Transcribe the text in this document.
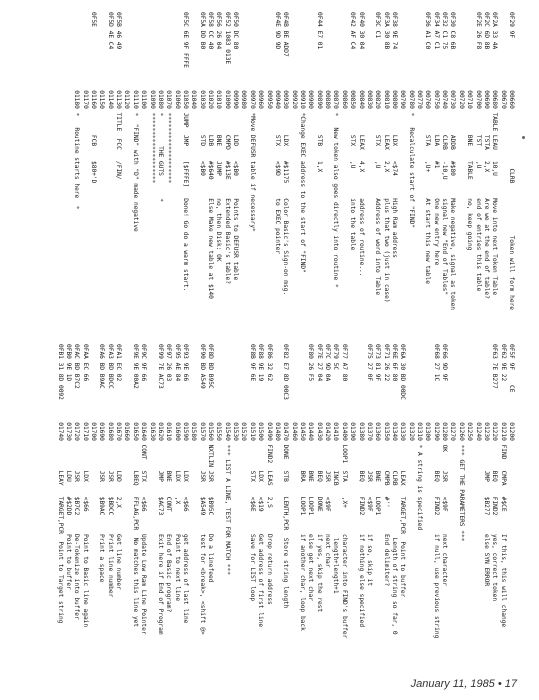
0F29 9F              00660                CLRB              Token will form here
00670
0F2A 33 4A           00680 TABLE LEAU   10,U      Move into next Token Table
0F2C 6D 8B           00690       TSTA   2,X       Are we at the end of table?
0F2E 26 F8           00700       TST    ,U        end of entries this table
00710       BNE    TABLE     no, keep going
00720
0F30 C8 6B           00730       ADDB   #$80      Make negative, signal as token
0F32 C1 75           00740       CLRB   -10,U     signal new "End of Tables"
0F34 A7 C1           00750       LDA    #1        One new entry here
0F36 A1 C0           00760       STA    ,U+       At start this new table
00770
00780 *   Recalculate start of "FIND"
00790
0F38 9E 74           00800       LDX    <$74      High Ram address
0F3A 30 8B           00810       LEAX   2,X       plus that two (just in case)
0F3C C1              00820       STX    ,U        Address of word into Table
00830
0F40 30 04           00840       LEAX   4,X       address of routine...
0F42 AF C4           00850       STX    ,U        into the table
00860
00870 *   New token also goes directly into routine *
00880
0F44 E7 01           00890       STB    1,X
00900
00910 *Change EXEC address to the start of "FIND"
00920
0F4B BE ADD7         00930       LDX    #$1175    Color Basic's Sign-on msg.
0F4E 9D 9D           00940       STX    <$9D      to EXEC pointer
00950
00960
00970 *Move DEFUSR table if necessary*
00980
0F50 DC 80           00990       LDD    <$B0      Points to DEFUSR table
0F52 1083 013E       01000       CMPD   #$13E     Extended Basic's table?
0F56 26 04           01010       BNE    JUMP      no, then Disk: OK
0F58 CC 40           01020       LDB    #$640     Else Make new table at $140
0F5A DD B0           01030       STD    <$B0
01040
0F5C 6E 9F FFFE      01050 JUMP  JMP    [$FFFE]   Done! Go do a warm start.
01060
01070 *******************
01080 *        THE GUTS      *
01090 *******************
01100
01110 *  "FIND" with "D" made negative
01120
0F5B 46 49           01130 TITLE  FCC   /FIN/
0F5D 4E C4           01140
01150
0F5E                 01160       FCB    $80+'D
01170
01180 *   Routine starts here  *
0F5F 9F    CE        01200
0F62 9E 22           01210 FIND   CMPA   #$CE      If this, this will change
0F63 7E B277         01220        BEQ    FIND2     yes, correct token
01230        JMP    $B277     else SYN ERROR
01240
01250
01260 *** GET THE PARAMETERS ***
01270
0F66 9D 9F           01280 OK     JSR    <$9F      next character
0F68 27 1C           01290        BEQ    FIND2     if null, use previous string
01300
01310 * A string is specified
01320
0F6A 30 BD 00DC      01330        LEAX   TARGET,PCR  Point to buffer
0F6E 6F 80           01340        CLRB              Length of string so far, 0
0F71 26 22           01350        CMPB   #''       End delimiter?
0F73 81 9F           01360        BNE    LOOP1
0F75 27 0F           01370        JSR    <$9F      if so, skip it
01380        BEQ    FIND2     if nothing else specified
01390
0F77 A7 80           01400 LOOP1  STA    ,X+       character into FIND's buffer
0F79 5C              01410        INCB              length+length+1
0F7C 9D 0A           01420        JSR    <$9F      next char
0F7E 27 04           01430        BEQ    DONE      if yes, skip the rest
0F80 26 F5           01440        BNE    LOOP1     else get next char
01450        BRA    LOOP1     if another char, loop back
01460
0F82 E7 8D 00C3      01470 DONE   STB    LENTH,PCR  Store string length
01480
0F86 32 62           01490 FIND2  LEAS   2,S       Drop return address
0F88 9E 19           01500        LDX    <$19      Get address of first line
0F8B 9F 6E           01510        STX    <$6E      Save for LIST loop
01520
01530
01540 *** LIST A LINE, TEST FOR MATCH ***
01550
0F8D BD B95C         01560 NXTLIN JSR    $B95C     Do a linefeed
0F90 BD A549         01570        JSR    $A549     test for <break>, <shift @>
01580
0F93 9E 66           01590        LDX    <$66      get address of last line
0F95 AE 84           01600        LDX    ,X        Point to next line
0F97 26 03           01610        BNE    CONT      End of Basic program?
0F99 7E AC73         01620        JMP    $AC73     Exit here if End of Program
01630
0F9C 9F 66           01640 CONT   STX    <$66      Update Low Ram Line Pointer
0F9E 9E 00A2         01650        LBEQ   FFLAG,PCR  No matches this line yet
01660
0FA1 EC 02           01670        LDD    2,X       Get line number
0FA3 BD BDCC         01680        JSR    $BDCC     Print line number
0FA6 BD B9AC         01690        JSR    $B9AC     Print a space
01700
0FAA EC 66           01710        LDX    <$66      Point to Basic line again
0FAC BD B7C2         01720        JSR    $B7C2     De-Tokenize into buffer
0FB0 9E 1D           01730        LDU    #$2DD     Point to buffer
0FB1 31 8D 0092      01740        LEAY   TARGET,PCR  Point to Target string
January 11, 1985 • 17
